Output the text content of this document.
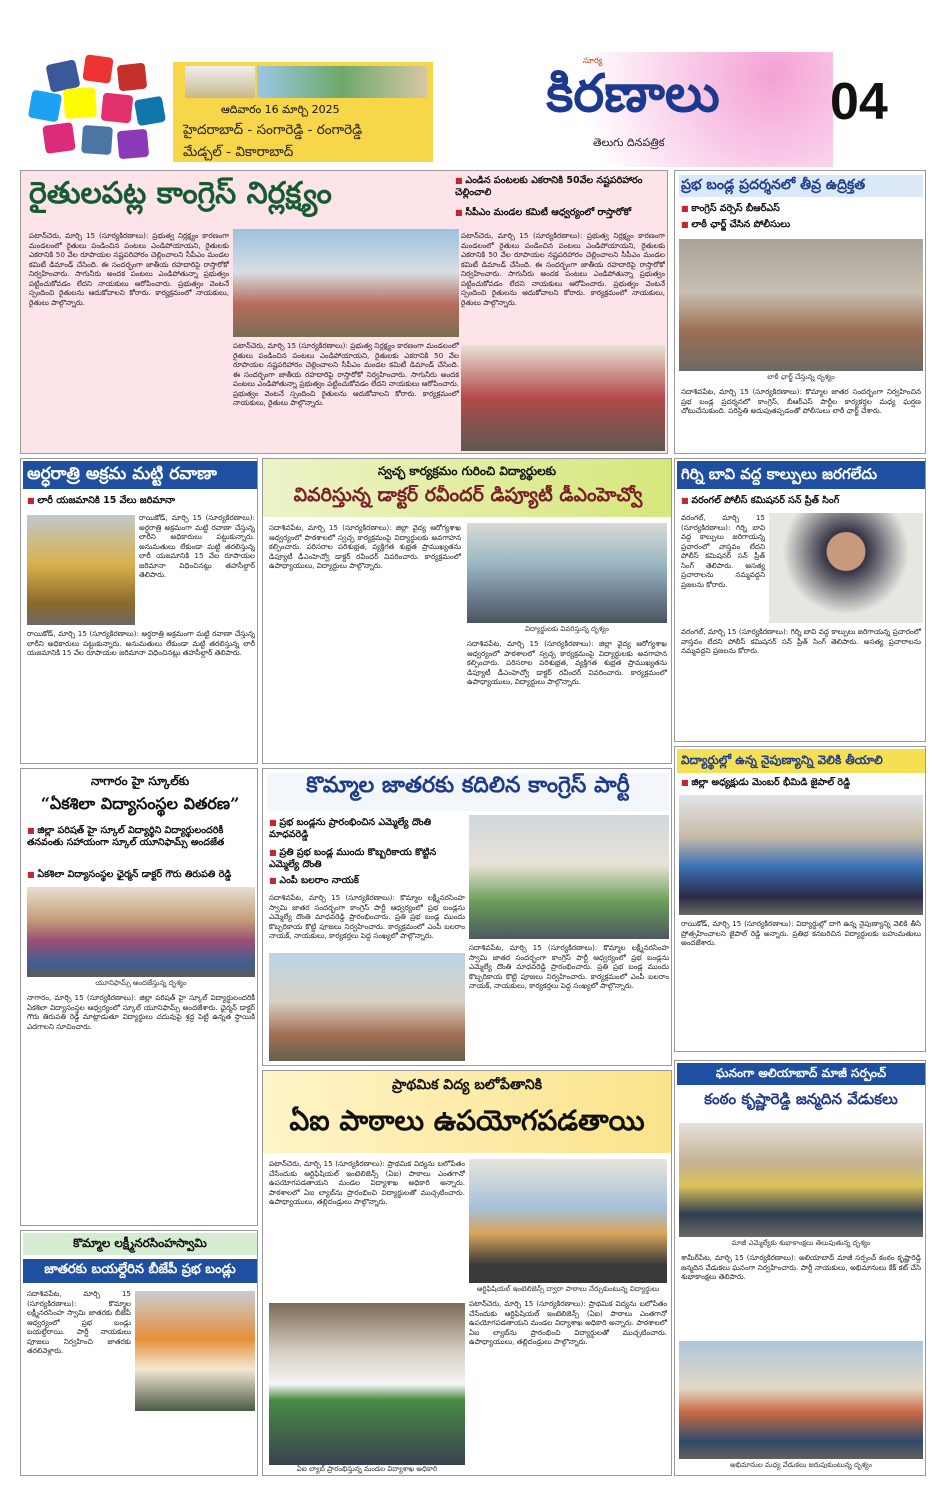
ఆదివారం 16 మార్చి 2025
హైదరాబాద్ - సంగారెడ్డి - రంగారెడ్డి
మేడ్చల్ - వికారాబాద్
సూర్య
కిరణాలు
తెలుగు దినపత్రిక
04
రైతులపట్ల కాంగ్రెస్ నిర్లక్ష్యం
■	ఎండిన పంటలకు ఎకరానికి 50వేల నష్టపరిహారం చెల్లించాలి
■ సీపీఎం మండల కమిటీ ఆధ్వర్యంలో రాస్తారోకో
పటాన్‌చెరు, మార్చి 15 (సూర్యకిరణాలు): ప్రభుత్వ నిర్లక్ష్యం కారణంగా మండలంలో రైతులు పండించిన పంటలు ఎండిపోయాయని, రైతులకు ఎకరానికి 50 వేల రూపాయల నష్టపరిహారం చెల్లించాలని సీపీఎం మండల కమిటీ డిమాండ్ చేసింది. ఈ సందర్భంగా జాతీయ రహదారిపై రాస్తారోకో నిర్వహించారు. సాగునీరు అందక పంటలు ఎండిపోతున్నా ప్రభుత్వం పట్టించుకోవడం లేదని నాయకులు ఆరోపించారు. ప్రభుత్వం వెంటనే స్పందించి రైతులను ఆదుకోవాలని కోరారు. కార్యక్రమంలో నాయకులు, రైతులు పాల్గొన్నారు.
పటాన్‌చెరు, మార్చి 15 (సూర్యకిరణాలు): ప్రభుత్వ నిర్లక్ష్యం కారణంగా మండలంలో రైతులు పండించిన పంటలు ఎండిపోయాయని, రైతులకు ఎకరానికి 50 వేల రూపాయల నష్టపరిహారం చెల్లించాలని సీపీఎం మండల కమిటీ డిమాండ్ చేసింది. ఈ సందర్భంగా జాతీయ రహదారిపై రాస్తారోకో నిర్వహించారు. సాగునీరు అందక పంటలు ఎండిపోతున్నా ప్రభుత్వం పట్టించుకోవడం లేదని నాయకులు ఆరోపించారు. ప్రభుత్వం వెంటనే స్పందించి రైతులను ఆదుకోవాలని కోరారు. కార్యక్రమంలో నాయకులు, రైతులు పాల్గొన్నారు.
పటాన్‌చెరు, మార్చి 15 (సూర్యకిరణాలు): ప్రభుత్వ నిర్లక్ష్యం కారణంగా మండలంలో రైతులు పండించిన పంటలు ఎండిపోయాయని, రైతులకు ఎకరానికి 50 వేల రూపాయల నష్టపరిహారం చెల్లించాలని సీపీఎం మండల కమిటీ డిమాండ్ చేసింది. ఈ సందర్భంగా జాతీయ రహదారిపై రాస్తారోకో నిర్వహించారు. సాగునీరు అందక పంటలు ఎండిపోతున్నా ప్రభుత్వం పట్టించుకోవడం లేదని నాయకులు ఆరోపించారు. ప్రభుత్వం వెంటనే స్పందించి రైతులను ఆదుకోవాలని కోరారు. కార్యక్రమంలో నాయకులు, రైతులు పాల్గొన్నారు.
ప్రభ బండ్ల ప్రదర్శనలో తీవ్ర ఉద్రిక్తత
■ కాంగ్రెస్ వర్సెస్ బీఆర్ఎస్
■ లాఠీ ఛార్జ్ చేసిన పోలీసులు
లాఠీ ఛార్జ్ చేస్తున్న దృశ్యం
సదాశివపేట, మార్చి 15 (సూర్యకిరణాలు): కొమ్మాల జాతర సందర్భంగా నిర్వహించిన ప్రభ బండ్ల ప్రదర్శనలో కాంగ్రెస్, బీఆర్ఎస్ పార్టీల కార్యకర్తల మధ్య ఘర్షణ చోటుచేసుకుంది. పరిస్థితి అదుపుతప్పడంతో పోలీసులు లాఠీ ఛార్జ్ చేశారు.
అర్ధరాత్రి అక్రమ మట్టి రవాణా
■ లారీ యజమానికి 15 వేలు జరిమానా
రాయికోడ్, మార్చి 15 (సూర్యకిరణాలు): అర్ధరాత్రి అక్రమంగా మట్టి రవాణా చేస్తున్న లారీని అధికారులు పట్టుకున్నారు. అనుమతులు లేకుండా మట్టి తరలిస్తున్న లారీ యజమానికి 15 వేల రూపాయల జరిమానా విధించినట్లు తహసీల్దార్ తెలిపారు.
రాయికోడ్, మార్చి 15 (సూర్యకిరణాలు): అర్ధరాత్రి అక్రమంగా మట్టి రవాణా చేస్తున్న లారీని అధికారులు పట్టుకున్నారు. అనుమతులు లేకుండా మట్టి తరలిస్తున్న లారీ యజమానికి 15 వేల రూపాయల జరిమానా విధించినట్లు తహసీల్దార్ తెలిపారు.
స్వచ్ఛ కార్యక్రమం గురించి విద్యార్థులకు
వివరిస్తున్న డాక్టర్ రవీందర్ డిప్యూటీ డీఎంహెచ్వో
సదాశివపేట, మార్చి 15 (సూర్యకిరణాలు): జిల్లా వైద్య ఆరోగ్యశాఖ ఆధ్వర్యంలో పాఠశాలలో స్వచ్ఛ కార్యక్రమంపై విద్యార్థులకు అవగాహన కల్పించారు. పరిసరాల పరిశుభ్రత, వ్యక్తిగత శుభ్రత ప్రాముఖ్యతను డిప్యూటీ డీఎంహెచ్వో డాక్టర్ రవీందర్ వివరించారు. కార్యక్రమంలో ఉపాధ్యాయులు, విద్యార్థులు పాల్గొన్నారు.
విద్యార్థులకు వివరిస్తున్న దృశ్యం
సదాశివపేట, మార్చి 15 (సూర్యకిరణాలు): జిల్లా వైద్య ఆరోగ్యశాఖ ఆధ్వర్యంలో పాఠశాలలో స్వచ్ఛ కార్యక్రమంపై విద్యార్థులకు అవగాహన కల్పించారు. పరిసరాల పరిశుభ్రత, వ్యక్తిగత శుభ్రత ప్రాముఖ్యతను డిప్యూటీ డీఎంహెచ్వో డాక్టర్ రవీందర్ వివరించారు. కార్యక్రమంలో ఉపాధ్యాయులు, విద్యార్థులు పాల్గొన్నారు.
గిర్ని బావి వద్ద కాల్పులు జరగలేదు
■ వరంగల్ పోలీస్ కమిషనర్ సన్ ప్రీత్ సింగ్
వరంగల్, మార్చి 15 (సూర్యకిరణాలు): గిర్ని బావి వద్ద కాల్పులు జరిగాయన్న ప్రచారంలో వాస్తవం లేదని పోలీస్ కమిషనర్ సన్ ప్రీత్ సింగ్ తెలిపారు. అసత్య ప్రచారాలను నమ్మవద్దని ప్రజలను కోరారు.
వరంగల్, మార్చి 15 (సూర్యకిరణాలు): గిర్ని బావి వద్ద కాల్పులు జరిగాయన్న ప్రచారంలో వాస్తవం లేదని పోలీస్ కమిషనర్ సన్ ప్రీత్ సింగ్ తెలిపారు. అసత్య ప్రచారాలను నమ్మవద్దని ప్రజలను కోరారు.
కొమ్మాల జాతరకు కదిలిన కాంగ్రెస్ పార్టీ
■ ప్రభ బండ్లను ప్రారంభించిన ఎమ్మెల్యే దొంతి మాధవరెడ్డి
■ ప్రతి ప్రభ బండ్ల ముందు కొబ్బరికాయ కొట్టిన ఎమ్మెల్యే దొంతి
■ ఎంపీ బలరాం నాయక్
సదాశివపేట, మార్చి 15 (సూర్యకిరణాలు): కొమ్మాల లక్ష్మీనరసింహ స్వామి జాతర సందర్భంగా కాంగ్రెస్ పార్టీ ఆధ్వర్యంలో ప్రభ బండ్లను ఎమ్మెల్యే దొంతి మాధవరెడ్డి ప్రారంభించారు. ప్రతి ప్రభ బండ్ల ముందు కొబ్బరికాయ కొట్టి పూజలు నిర్వహించారు. కార్యక్రమంలో ఎంపీ బలరాం నాయక్, నాయకులు, కార్యకర్తలు పెద్ద సంఖ్యలో పాల్గొన్నారు.
సదాశివపేట, మార్చి 15 (సూర్యకిరణాలు): కొమ్మాల లక్ష్మీనరసింహ స్వామి జాతర సందర్భంగా కాంగ్రెస్ పార్టీ ఆధ్వర్యంలో ప్రభ బండ్లను ఎమ్మెల్యే దొంతి మాధవరెడ్డి ప్రారంభించారు. ప్రతి ప్రభ బండ్ల ముందు కొబ్బరికాయ కొట్టి పూజలు నిర్వహించారు. కార్యక్రమంలో ఎంపీ బలరాం నాయక్, నాయకులు, కార్యకర్తలు పెద్ద సంఖ్యలో పాల్గొన్నారు.
విద్యార్థుల్లో ఉన్న నైపుణ్యాన్ని వెలికి తీయాలి
■ జిల్లా అధ్యక్షుడు మెంబర్ భీమిడి జైపాల్ రెడ్డి
రాయికోడ్, మార్చి 15 (సూర్యకిరణాలు): విద్యార్థుల్లో దాగి ఉన్న నైపుణ్యాన్ని వెలికి తీసి ప్రోత్సహించాలని జైపాల్ రెడ్డి అన్నారు. ప్రతిభ కనబరిచిన విద్యార్థులకు బహుమతులు అందజేశారు.
నాగారం హై స్కూల్‌కు
“ఏకశిలా విద్యాసంస్థల వితరణ”
■ జిల్లా పరిషత్ హై స్కూల్ విద్యార్థిని విద్యార్థులందరికీ తనవంతు సహాయంగా స్కూల్ యూనిఫామ్స్ అందజేత
■ ఏకశిలా విద్యాసంస్థల ఛైర్మన్ డాక్టర్ గౌరు తిరుపతి రెడ్డి
యూనిఫామ్స్ అందజేస్తున్న దృశ్యం
నాగారం, మార్చి 15 (సూర్యకిరణాలు): జిల్లా పరిషత్ హై స్కూల్ విద్యార్థులందరికీ ఏకశిలా విద్యాసంస్థల ఆధ్వర్యంలో స్కూల్ యూనిఫామ్స్ అందజేశారు. ఛైర్మన్ డాక్టర్ గౌరు తిరుపతి రెడ్డి మాట్లాడుతూ విద్యార్థులు చదువుపై శ్రద్ధ పెట్టి ఉన్నత స్థాయికి ఎదగాలని సూచించారు.
ప్రాథమిక విద్య బలోపేతానికి
ఏఐ పాఠాలు ఉపయోగపడతాయి
పటాన్‌చెరు, మార్చి 15 (సూర్యకిరణాలు): ప్రాథమిక విద్యను బలోపేతం చేసేందుకు ఆర్టిఫిషియల్ ఇంటెలిజెన్స్ (ఏఐ) పాఠాలు ఎంతగానో ఉపయోగపడతాయని మండల విద్యాశాఖ అధికారి అన్నారు. పాఠశాలలో ఏఐ ల్యాబ్‌ను ప్రారంభించి విద్యార్థులతో ముచ్చటించారు. ఉపాధ్యాయులు, తల్లిదండ్రులు పాల్గొన్నారు.
ఆర్టిఫిషియల్ ఇంటెలిజెన్స్ ద్వారా పాఠాలు నేర్చుకుంటున్న విద్యార్థులు
ఏఐ ల్యాబ్ ప్రారంభిస్తున్న మండల విద్యాశాఖ అధికారి
పటాన్‌చెరు, మార్చి 15 (సూర్యకిరణాలు): ప్రాథమిక విద్యను బలోపేతం చేసేందుకు ఆర్టిఫిషియల్ ఇంటెలిజెన్స్ (ఏఐ) పాఠాలు ఎంతగానో ఉపయోగపడతాయని మండల విద్యాశాఖ అధికారి అన్నారు. పాఠశాలలో ఏఐ ల్యాబ్‌ను ప్రారంభించి విద్యార్థులతో ముచ్చటించారు. ఉపాధ్యాయులు, తల్లిదండ్రులు పాల్గొన్నారు.
ఘనంగా అలియాబాద్ మాజీ సర్పంచ్
కంఠం కృష్ణారెడ్డి జన్మదిన వేడుకలు
మాజీ ఎమ్మెల్యేకు శుభాకాంక్షలు తెలుపుతున్న దృశ్యం
శామీర్‌పేట, మార్చి 15 (సూర్యకిరణాలు): అలియాబాద్ మాజీ సర్పంచ్ కంఠం కృష్ణారెడ్డి జన్మదిన వేడుకలు ఘనంగా నిర్వహించారు. పార్టీ నాయకులు, అభిమానులు కేక్ కట్ చేసి శుభాకాంక్షలు తెలిపారు.
అభిమానుల మధ్య వేడుకలు జరుపుకుంటున్న దృశ్యం
కొమ్మాల లక్ష్మీనరసింహస్వామి
జాతరకు బయల్దేరిన బీజేపీ ప్రభ బండ్లు
సదాశివపేట, మార్చి 15 (సూర్యకిరణాలు): కొమ్మాల లక్ష్మీనరసింహ స్వామి జాతరకు బీజేపీ ఆధ్వర్యంలో ప్రభ బండ్లు బయల్దేరాయి. పార్టీ నాయకులు పూజలు నిర్వహించి జాతరకు తరలివెళ్లారు.
